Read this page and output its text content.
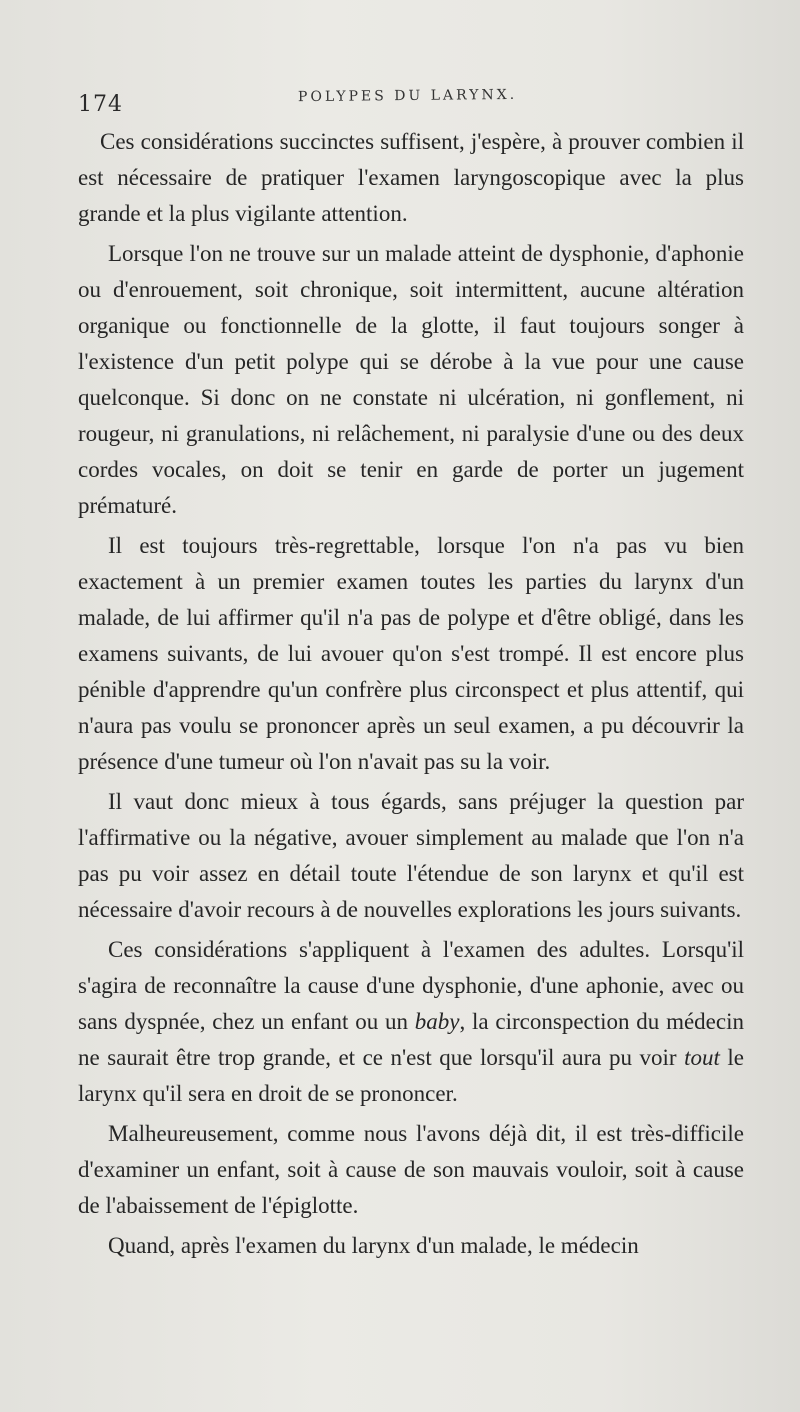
174	POLYPES DU LARYNX.

Ces considérations succinctes suffisent, j'espère, à prouver combien il est nécessaire de pratiquer l'examen laryngoscopique avec la plus grande et la plus vigilante attention.

Lorsque l'on ne trouve sur un malade atteint de dysphonie, d'aphonie ou d'enrouement, soit chronique, soit intermittent, aucune altération organique ou fonctionnelle de la glotte, il faut toujours songer à l'existence d'un petit polype qui se dérobe à la vue pour une cause quelconque. Si donc on ne constate ni ulcération, ni gonflement, ni rougeur, ni granulations, ni relâchement, ni paralysie d'une ou des deux cordes vocales, on doit se tenir en garde de porter un jugement prématuré.

Il est toujours très-regrettable, lorsque l'on n'a pas vu bien exactement à un premier examen toutes les parties du larynx d'un malade, de lui affirmer qu'il n'a pas de polype et d'être obligé, dans les examens suivants, de lui avouer qu'on s'est trompé. Il est encore plus pénible d'apprendre qu'un confrère plus circonspect et plus attentif, qui n'aura pas voulu se prononcer après un seul examen, a pu découvrir la présence d'une tumeur où l'on n'avait pas su la voir.

Il vaut donc mieux à tous égards, sans préjuger la question par l'affirmative ou la négative, avouer simplement au malade que l'on n'a pas pu voir assez en détail toute l'étendue de son larynx et qu'il est nécessaire d'avoir recours à de nouvelles explorations les jours suivants.

Ces considérations s'appliquent à l'examen des adultes. Lorsqu'il s'agira de reconnaître la cause d'une dysphonie, d'une aphonie, avec ou sans dyspnée, chez un enfant ou un baby, la circonspection du médecin ne saurait être trop grande, et ce n'est que lorsqu'il aura pu voir tout le larynx qu'il sera en droit de se prononcer.

Malheureusement, comme nous l'avons déjà dit, il est très-difficile d'examiner un enfant, soit à cause de son mauvais vouloir, soit à cause de l'abaissement de l'épiglotte.

Quand, après l'examen du larynx d'un malade, le médecin
